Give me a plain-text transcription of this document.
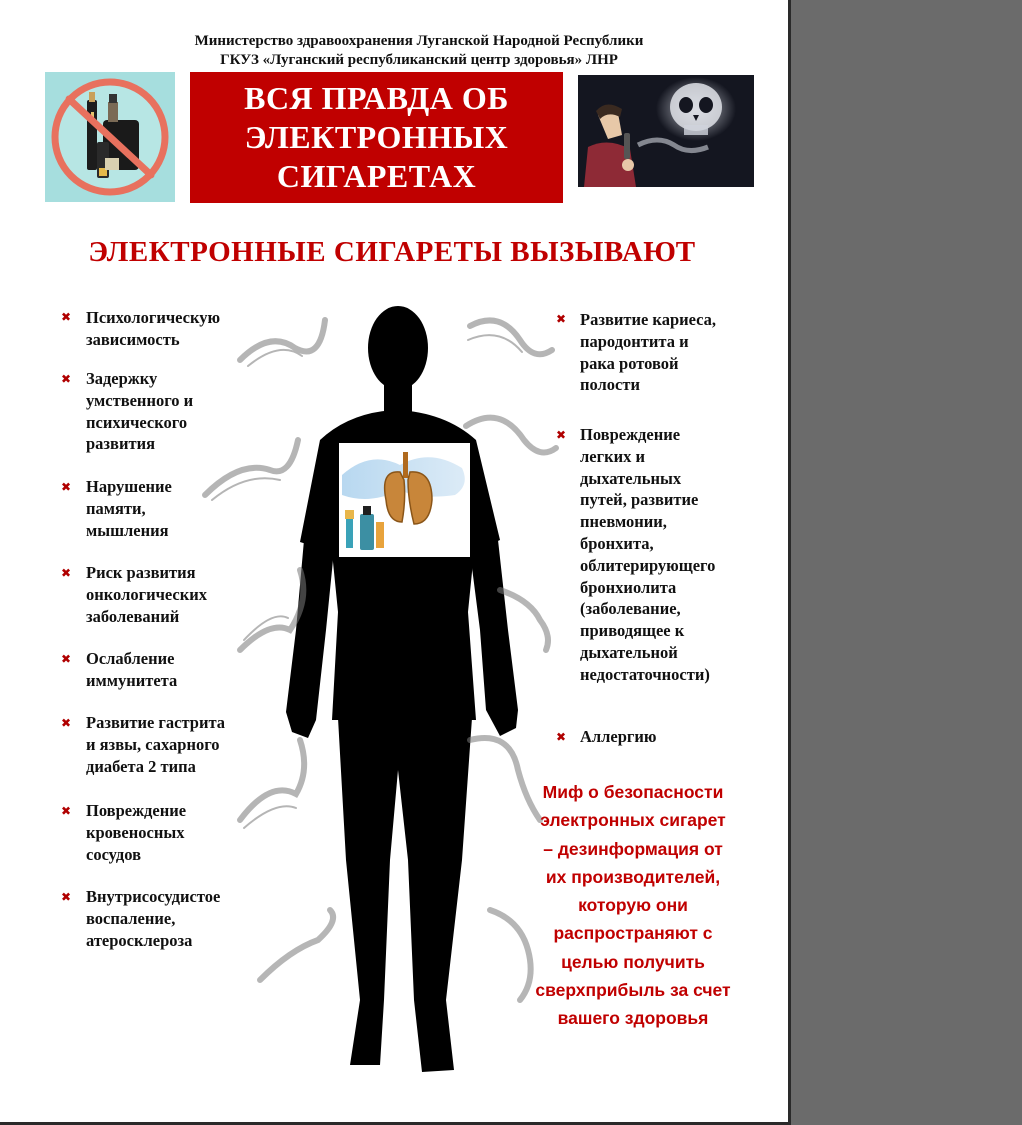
Министерство здравоохранения Луганской Народной Республики
ГКУЗ «Луганский республиканский центр здоровья» ЛНР
ВСЯ ПРАВДА ОБ
ЭЛЕКТРОННЫХ
СИГАРЕТАХ
ЭЛЕКТРОННЫЕ СИГАРЕТЫ ВЫЗЫВАЮТ
✖ Психологическую
зависимость
✖ Задержку
умственного и
психического
развития
✖ Нарушение
памяти,
мышления
✖ Риск развития
онкологических
заболеваний
✖ Ослабление
иммунитета
✖ Развитие гастрита
и язвы, сахарного
диабета 2 типа
✖ Повреждение
кровеносных
сосудов
✖ Внутрисосудистое
воспаление,
атеросклероза
✖ Развитие кариеса,
пародонтита и
рака ротовой
полости
✖ Повреждение
легких и
дыхательных
путей, развитие
пневмонии,
бронхита,
облитерирующего
бронхиолита
(заболевание,
приводящее к
дыхательной
недостаточности)
✖ Аллергию
Миф о безопасности
электронных сигарет
– дезинформация от
их производителей,
которую они
распространяют с
целью получить
сверхприбыль за счет
вашего здоровья
